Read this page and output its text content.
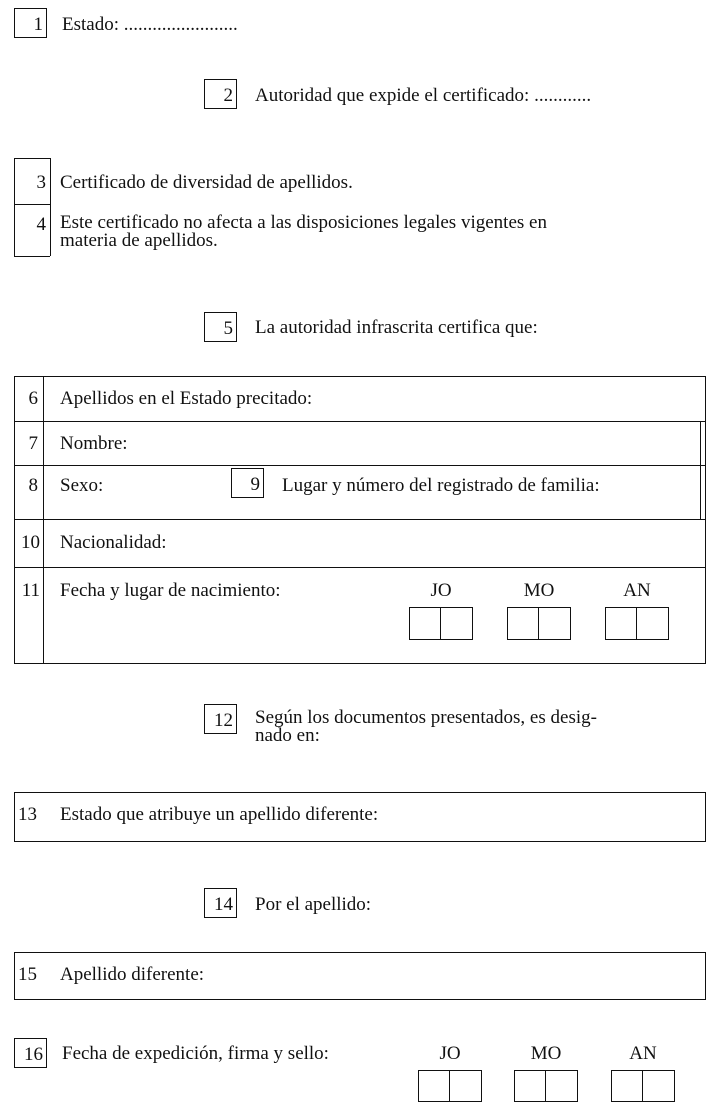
1 Estado: ........................
2 Autoridad que expide el certificado: ............
3 Certificado de diversidad de apellidos.
4 Este certificado no afecta a las disposiciones legales vigentes en
materia de apellidos.
5 La autoridad infrascrita certifica que:
6 Apellidos en el Estado precitado:
7 Nombre:
8 Sexo:	9 Lugar y número del registrado de familia:
10 Nacionalidad:
11 Fecha y lugar de nacimiento:	JO	MO	AN
12 Según los documentos presentados, es desig-
nado en:
13 Estado que atribuye un apellido diferente:
14 Por el apellido:
15 Apellido diferente:
16 Fecha de expedición, firma y sello:	JO	MO	AN
